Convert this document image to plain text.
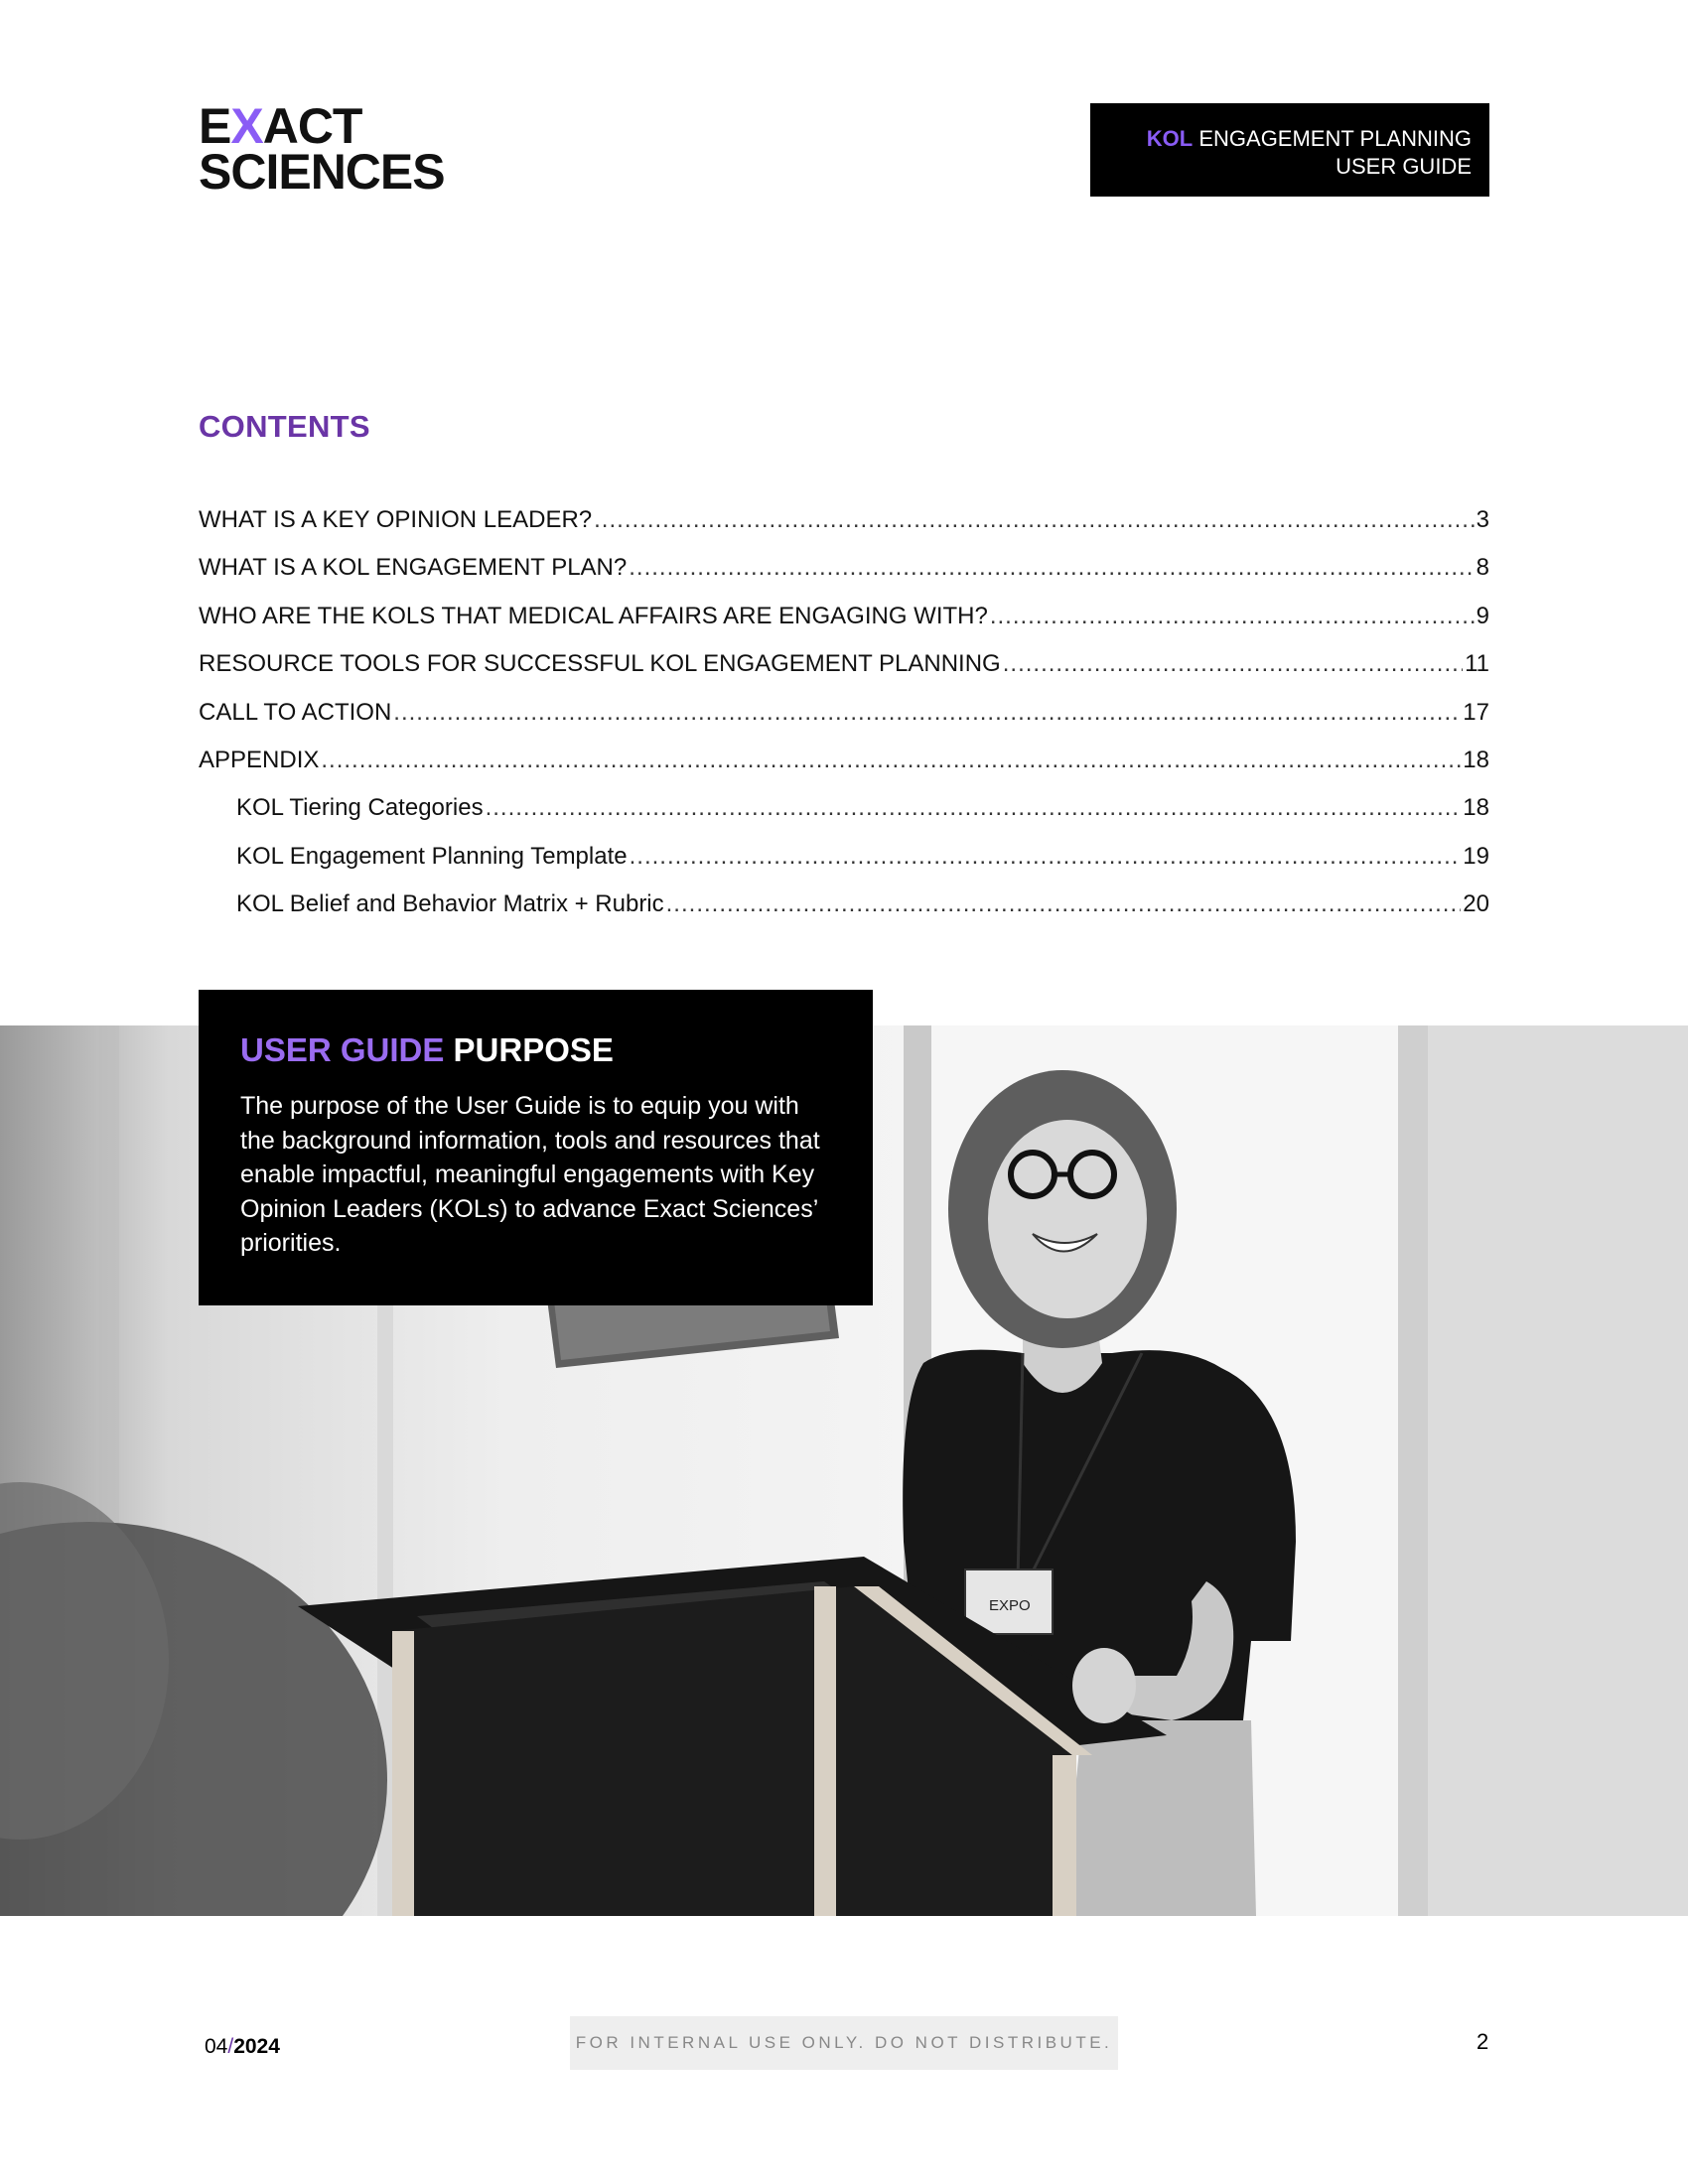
EXACT
SCIENCES
KOL ENGAGEMENT PLANNING
USER GUIDE
CONTENTS
WHAT IS A KEY OPINION LEADER? .....	3
WHAT IS A KOL ENGAGEMENT PLAN? .....	8
WHO ARE THE KOLS THAT MEDICAL AFFAIRS ARE ENGAGING WITH? .....	9
RESOURCE TOOLS FOR SUCCESSFUL KOL ENGAGEMENT PLANNING .....	11
CALL TO ACTION .....	17
APPENDIX .....	18
KOL Tiering Categories .....	18
KOL Engagement Planning Template .....	19
KOL Belief and Behavior Matrix + Rubric .....	20
EXPO
USER GUIDE PURPOSE
The purpose of the User Guide is to equip you with the background information, tools and resources that enable impactful, meaningful engagements with Key Opinion Leaders (KOLs) to advance Exact Sciences’ priorities.
04/2024	FOR INTERNAL USE ONLY. DO NOT DISTRIBUTE.	2
